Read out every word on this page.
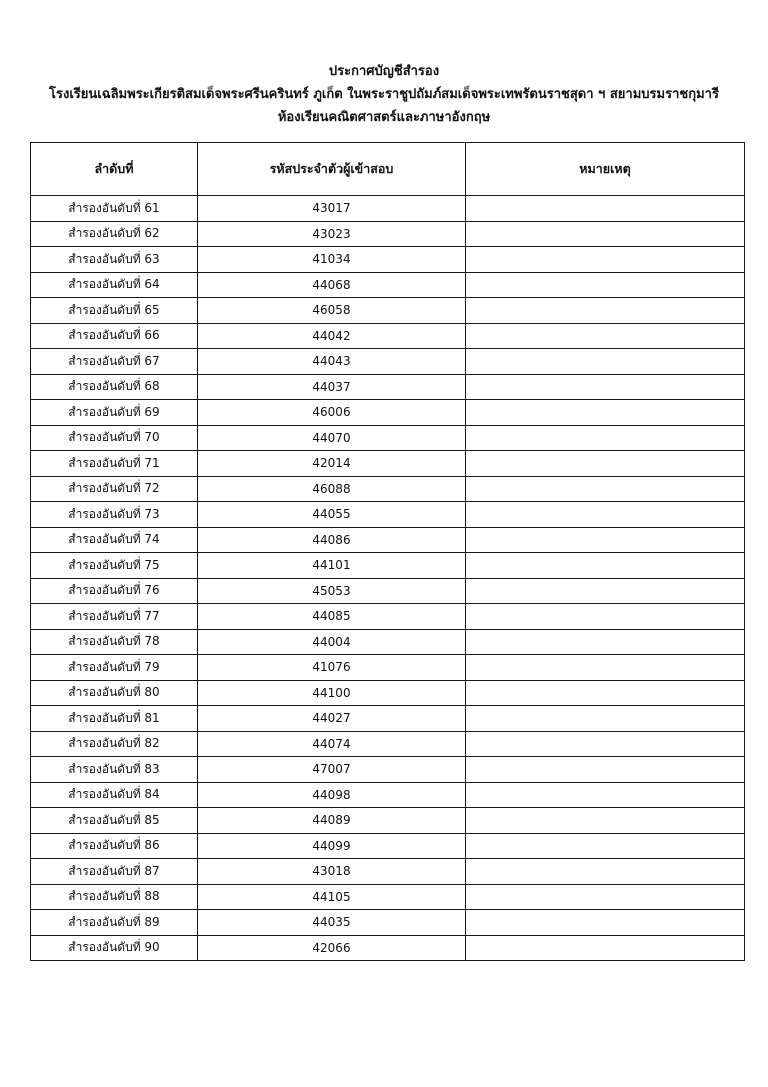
ประกาศบัญชีสำรอง
โรงเรียนเฉลิมพระเกียรติสมเด็จพระศรีนครินทร์ ภูเก็ต ในพระราชูปถัมภ์สมเด็จพระเทพรัตนราชสุดา ฯ สยามบรมราชกุมารี
ห้องเรียนคณิตศาสตร์และภาษาอังกฤษ
ลำดับที่	รหัสประจำตัวผู้เข้าสอบ	หมายเหตุ
สำรองอันดับที่ 61	43017	
สำรองอันดับที่ 62	43023	
สำรองอันดับที่ 63	41034	
สำรองอันดับที่ 64	44068	
สำรองอันดับที่ 65	46058	
สำรองอันดับที่ 66	44042	
สำรองอันดับที่ 67	44043	
สำรองอันดับที่ 68	44037	
สำรองอันดับที่ 69	46006	
สำรองอันดับที่ 70	44070	
สำรองอันดับที่ 71	42014	
สำรองอันดับที่ 72	46088	
สำรองอันดับที่ 73	44055	
สำรองอันดับที่ 74	44086	
สำรองอันดับที่ 75	44101	
สำรองอันดับที่ 76	45053	
สำรองอันดับที่ 77	44085	
สำรองอันดับที่ 78	44004	
สำรองอันดับที่ 79	41076	
สำรองอันดับที่ 80	44100	
สำรองอันดับที่ 81	44027	
สำรองอันดับที่ 82	44074	
สำรองอันดับที่ 83	47007	
สำรองอันดับที่ 84	44098	
สำรองอันดับที่ 85	44089	
สำรองอันดับที่ 86	44099	
สำรองอันดับที่ 87	43018	
สำรองอันดับที่ 88	44105	
สำรองอันดับที่ 89	44035	
สำรองอันดับที่ 90	42066	
